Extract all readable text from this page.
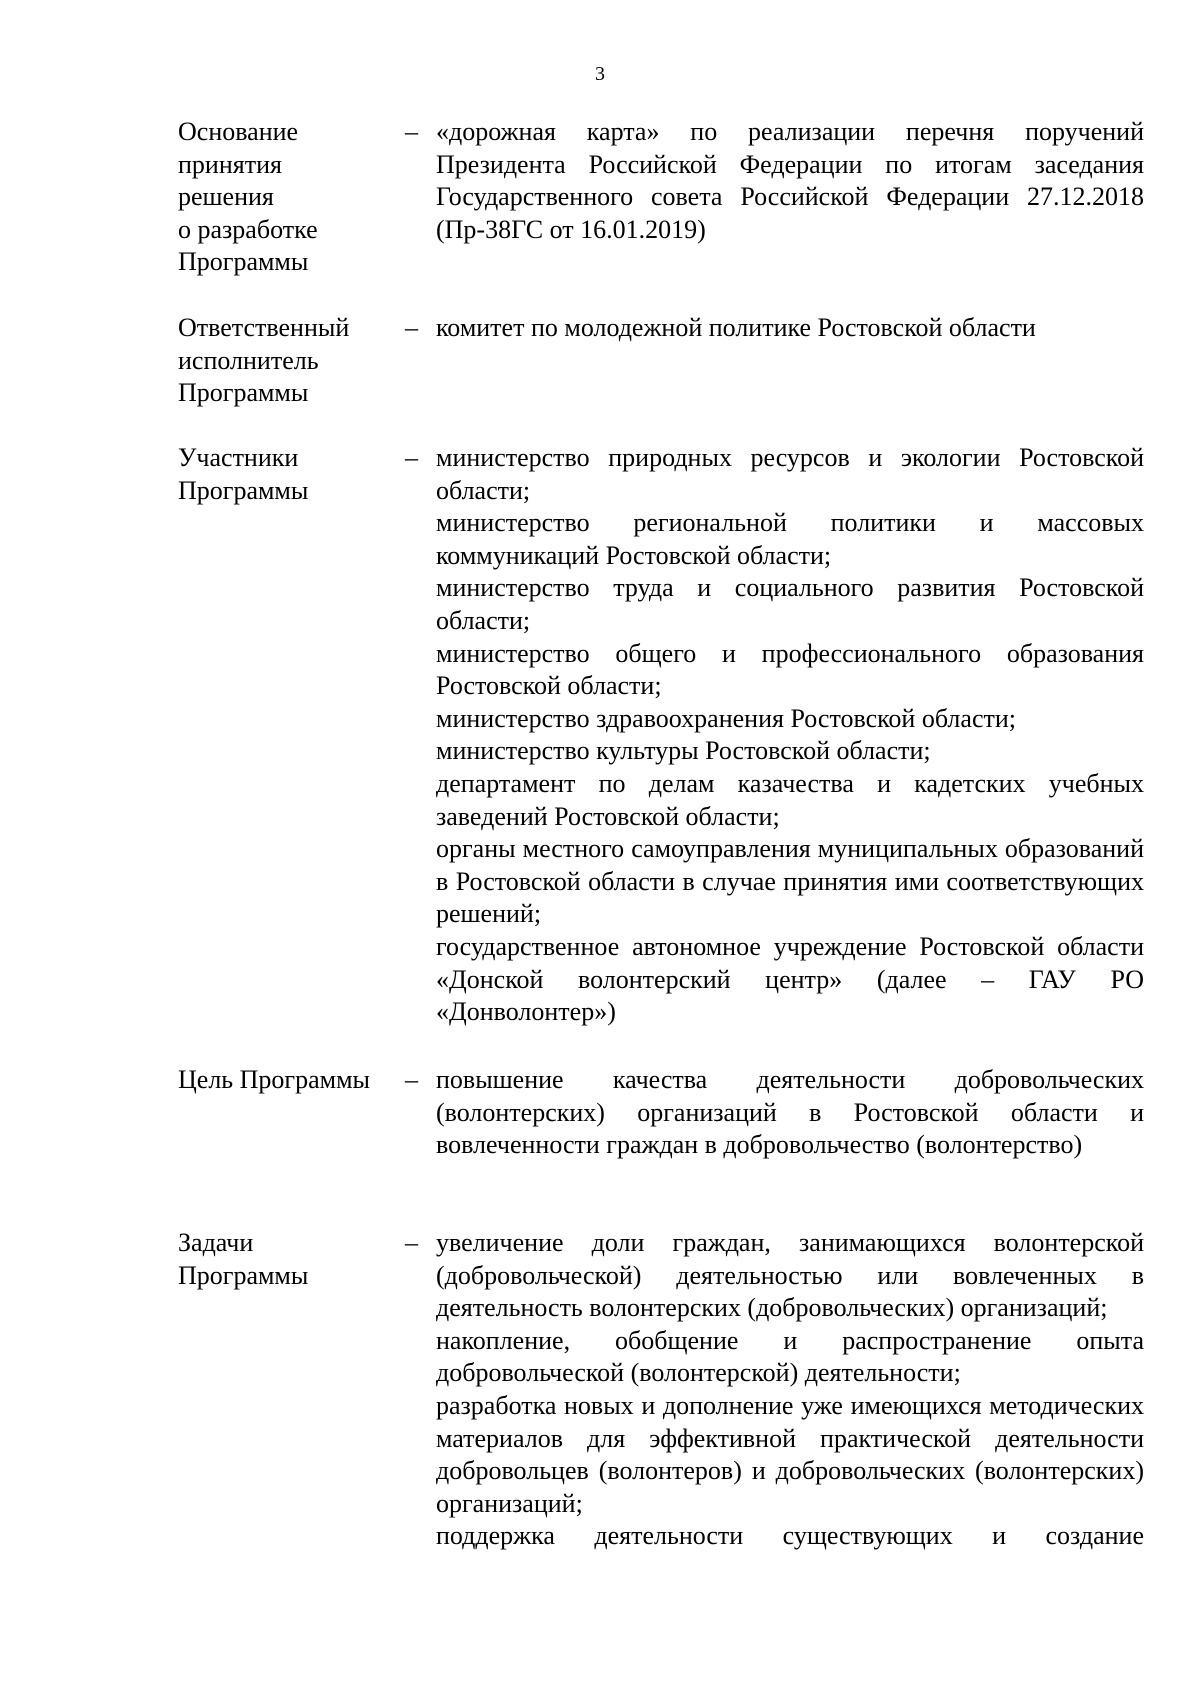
3
Основание
принятия
решения
о разработке
Программы
– «дорожная карта» по реализации перечня поручений Президента Российской Федерации по итогам заседания Государственного совета Российской Федерации 27.12.2018 (Пр-38ГС от 16.01.2019)

Ответственный
исполнитель
Программы
– комитет по молодежной политике Ростовской области

Участники
Программы
– министерство природных ресурсов и экологии Ростовской области;

министерство региональной политики и массовых коммуникаций Ростовской области;

министерство труда и социального развития Ростовской области;

министерство общего и профессионального образования Ростовской области;

министерство здравоохранения Ростовской области;

министерство культуры Ростовской области;

департамент по делам казачества и кадетских учебных заведений Ростовской области;

органы местного самоуправления муниципальных образований в Ростовской области в случае принятия ими соответствующих решений;

государственное автономное учреждение Ростовской области «Донской волонтерский центр» (далее – ГАУ РО «Донволонтер»)

Цель Программы	– повышение качества деятельности добровольческих (волонтерских) организаций в Ростовской области и вовлеченности граждан в добровольчество (волонтерство)

Задачи
Программы
– увеличение доли граждан, занимающихся волонтерской (добровольческой) деятельностью или вовлеченных в деятельность волонтерских (добровольческих) организаций;

накопление, обобщение и распространение опыта добровольческой (волонтерской) деятельности;

разработка новых и дополнение уже имеющихся методических материалов для эффективной практической деятельности добровольцев (волонтеров) и добровольческих (волонтерских) организаций;

поддержка деятельности существующих и создание
